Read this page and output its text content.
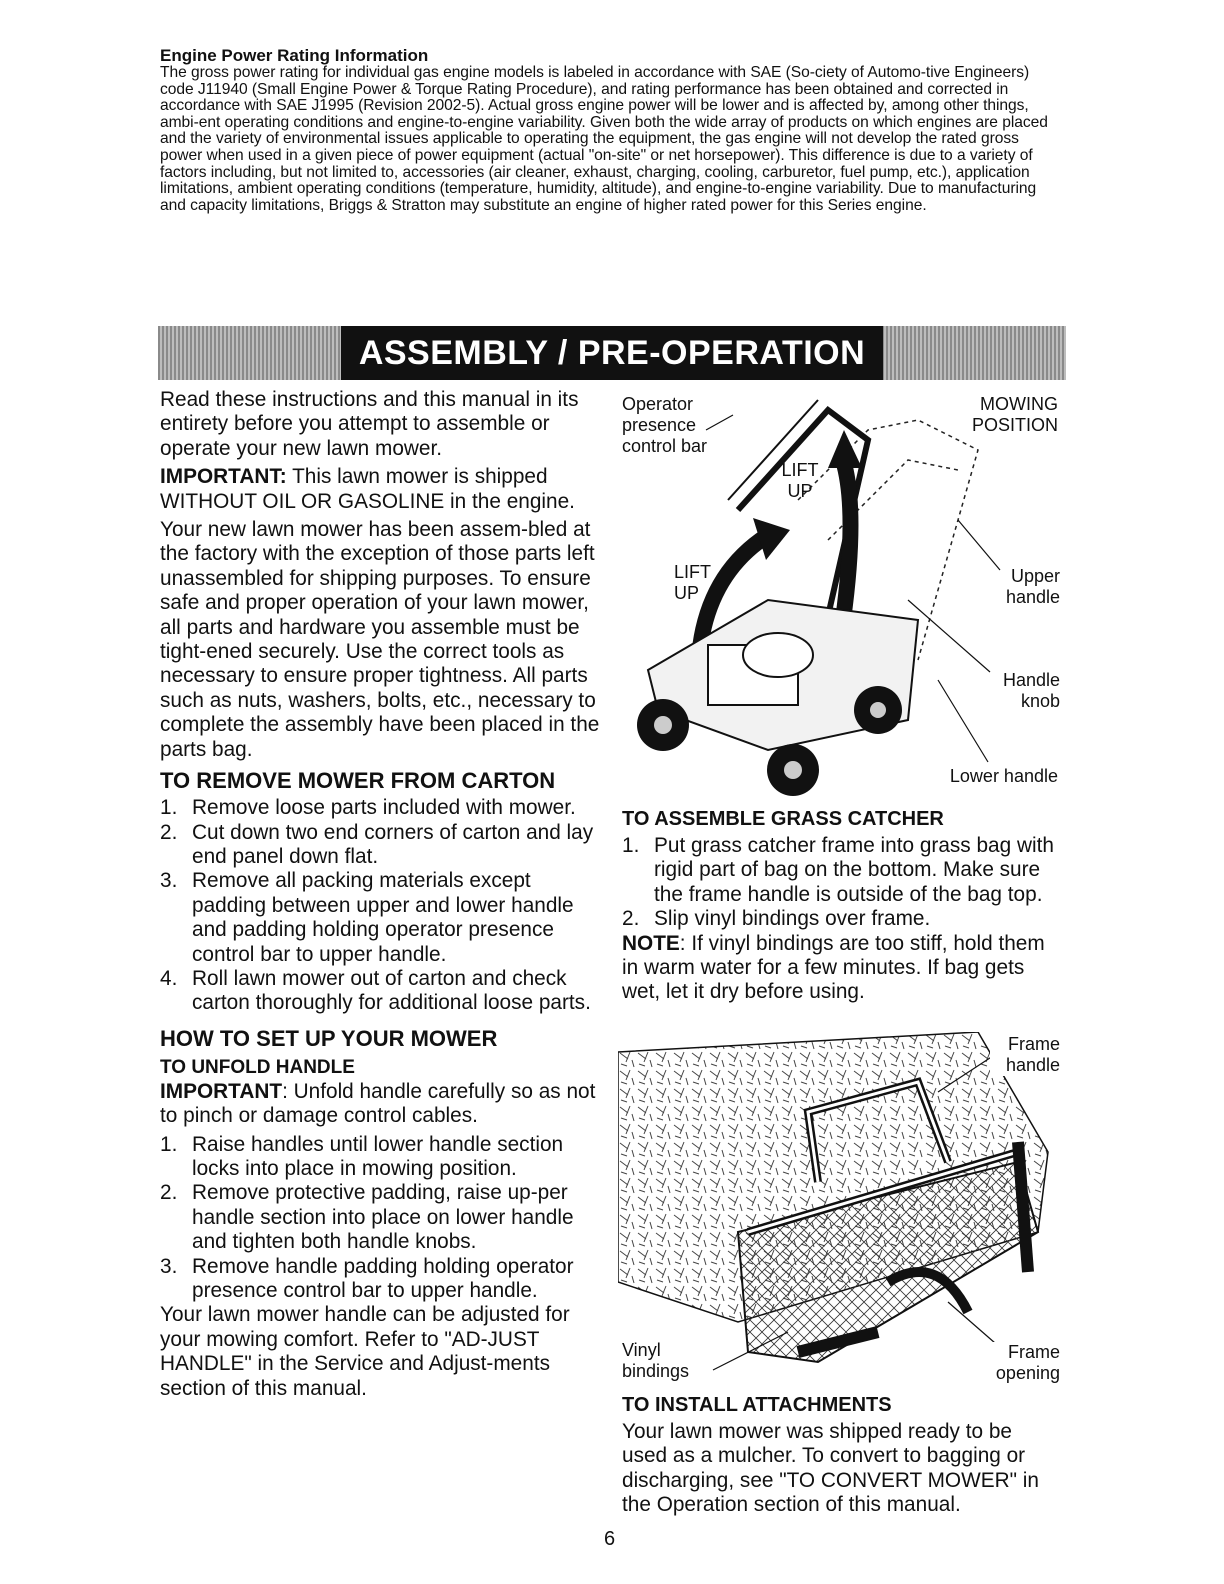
Engine Power Rating Information

The gross power rating for individual gas engine models is labeled in accordance with SAE (So-ciety of Automo-tive Engineers) code J11940 (Small Engine Power & Torque Rating Procedure), and rating performance has been obtained and corrected in accordance with SAE J1995 (Revision 2002-5). Actual gross engine power will be lower and is affected by, among other things, ambi-ent operating conditions and engine-to-engine variability. Given both the wide array of products on which engines are placed and the variety of environmental issues applicable to operating the equipment, the gas engine will not develop the rated gross power when used in a given piece of power equipment (actual "on-site" or net horsepower). This difference is due to a variety of factors including, but not limited to, accessories (air cleaner, exhaust, charging, cooling, carburetor, fuel pump, etc.), application limitations, ambient operating conditions (temperature, humidity, altitude), and engine-to-engine variability. Due to manufacturing and capacity limitations, Briggs & Stratton may substitute an engine of higher rated power for this Series engine.

ASSEMBLY / PRE-OPERATION

Read these instructions and this manual in its entirety before you attempt to assemble or operate your new lawn mower.

IMPORTANT: This lawn mower is shipped WITHOUT OIL OR GASOLINE in the engine.

Your new lawn mower has been assem-bled at the factory with the exception of those parts left unassembled for shipping purposes. To ensure safe and proper operation of your lawn mower, all parts and hardware you assemble must be tight-ened securely. Use the correct tools as necessary to ensure proper tightness. All parts such as nuts, washers, bolts, etc., necessary to complete the assembly have been placed in the parts bag.

TO REMOVE MOWER FROM CARTON
1. Remove loose parts included with mower.
2. Cut down two end corners of carton and lay end panel down flat.
3. Remove all packing materials except padding between upper and lower handle and padding holding operator presence control bar to upper handle.
4. Roll lawn mower out of carton and check carton thoroughly for additional loose parts.
HOW TO SET UP YOUR MOWER
TO UNFOLD HANDLE

IMPORTANT: Unfold handle carefully so as not to pinch or damage control cables.

1. Raise handles until lower handle section locks into place in mowing position.
2. Remove protective padding, raise up-per handle section into place on lower handle and tighten both handle knobs.
3. Remove handle padding holding operator presence control bar to upper handle.

Your lawn mower handle can be adjusted for your mowing comfort. Refer to "AD-JUST HANDLE" in the Service and Adjust-ments section of this manual.

Operator presence control bar
MOWING POSITION
LIFT UP
LIFT UP
Upper handle
Handle knob
Lower handle
TO ASSEMBLE GRASS CATCHER
1. Put grass catcher frame into grass bag with rigid part of bag on the bottom. Make sure the frame handle is outside of the bag top.
2. Slip vinyl bindings over frame.

NOTE: If vinyl bindings are too stiff, hold them in warm water for a few minutes. If bag gets wet, let it dry before using.

Frame handle
Vinyl bindings
Frame opening
TO INSTALL ATTACHMENTS

Your lawn mower was shipped ready to be used as a mulcher. To convert to bagging or discharging, see "TO CONVERT MOWER" in the Operation section of this manual.

6
